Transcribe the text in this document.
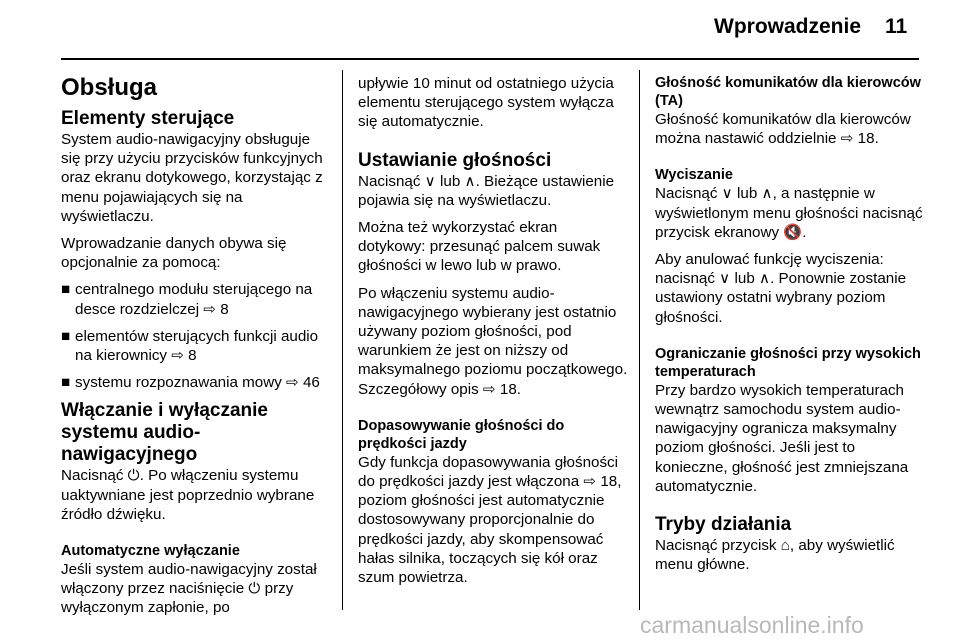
Wprowadzenie 11
Obsługa
Elementy sterujące

System audio-nawigacyjny obsługuje się przy użyciu przycisków funkcyjnych oraz ekranu dotykowego, korzystając z menu pojawiających się na wyświetlaczu.

Wprowadzanie danych obywa się opcjonalnie za pomocą:

■ centralnego modułu sterującego na desce rozdzielczej ⇨ 8
■ elementów sterujących funkcji audio na kierownicy ⇨ 8
■ systemu rozpoznawania mowy ⇨ 46
Włączanie i wyłączanie systemu audio-nawigacyjnego

Nacisnąć ⏻. Po włączeniu systemu uaktywniane jest poprzednio wybrane źródło dźwięku.

Automatyczne wyłączanie

Jeśli system audio-nawigacyjny został włączony przez naciśnięcie ⏻ przy wyłączonym zapłonie, po

upływie 10 minut od ostatniego użycia elementu sterującego system wyłącza się automatycznie.

Ustawianie głośności

Nacisnąć ∨ lub ∧. Bieżące ustawienie pojawia się na wyświetlaczu.

Można też wykorzystać ekran dotykowy: przesunąć palcem suwak głośności w lewo lub w prawo.

Po włączeniu systemu audio-nawigacyjnego wybierany jest ostatnio używany poziom głośności, pod warunkiem że jest on niższy od maksymalnego poziomu początkowego. Szczegółowy opis ⇨ 18.

Dopasowywanie głośności do prędkości jazdy

Gdy funkcja dopasowywania głośności do prędkości jazdy jest włączona ⇨ 18, poziom głośności jest automatycznie dostosowywany proporcjonalnie do prędkości jazdy, aby skompensować hałas silnika, toczących się kół oraz szum powietrza.

Głośność komunikatów dla kierowców (TA)

Głośność komunikatów dla kierowców można nastawić oddzielnie ⇨ 18.

Wyciszanie

Nacisnąć ∨ lub ∧, a następnie w wyświetlonym menu głośności nacisnąć przycisk ekranowy 🔇.

Aby anulować funkcję wyciszenia: nacisnąć ∨ lub ∧. Ponownie zostanie ustawiony ostatni wybrany poziom głośności.

Ograniczanie głośności przy wysokich temperaturach

Przy bardzo wysokich temperaturach wewnątrz samochodu system audio-nawigacyjny ogranicza maksymalny poziom głośności. Jeśli jest to konieczne, głośność jest zmniejszana automatycznie.

Tryby działania

Nacisnąć przycisk ⌂, aby wyświetlić menu główne.

carmanualsonline.info
